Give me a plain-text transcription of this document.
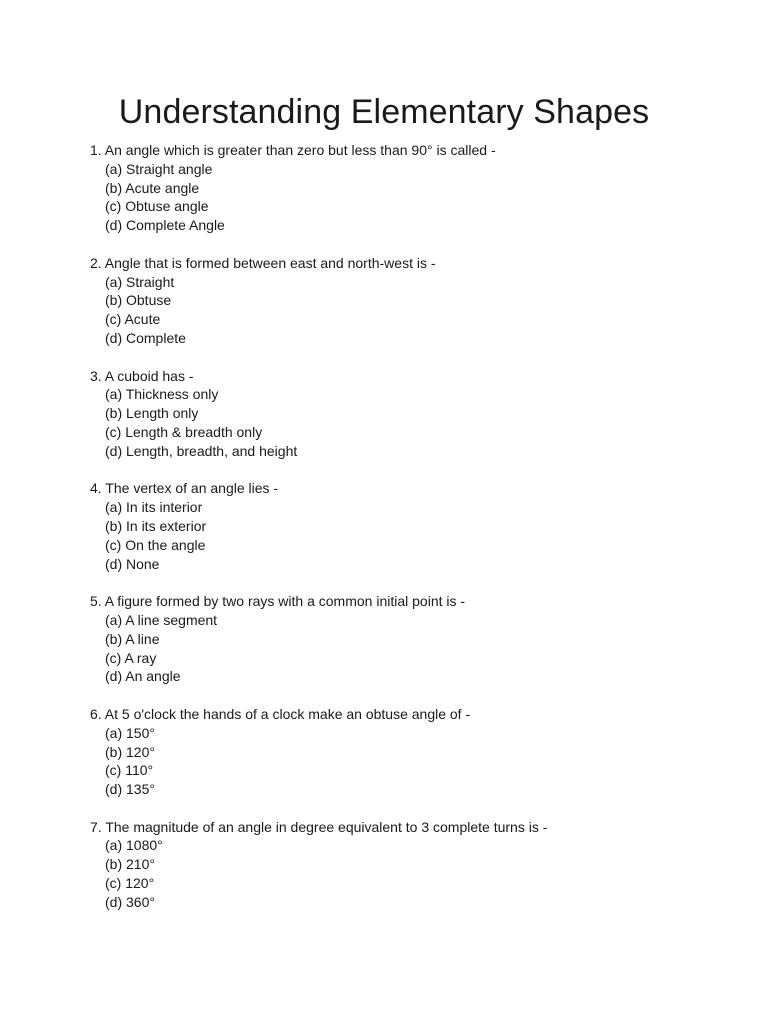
Understanding Elementary Shapes
1. An angle which is greater than zero but less than 90° is called -
(a) Straight angle
(b) Acute angle
(c) Obtuse angle
(d) Complete Angle
2. Angle that is formed between east and north-west is -
(a) Straight
(b) Obtuse
(c) Acute
(d) Complete
3. A cuboid has -
(a) Thickness only
(b) Length only
(c) Length & breadth only
(d) Length, breadth, and height
4. The vertex of an angle lies -
(a) In its interior
(b) In its exterior
(c) On the angle
(d) None
5. A figure formed by two rays with a common initial point is -
(a) A line segment
(b) A line
(c) A ray
(d) An angle
6. At 5 o'clock the hands of a clock make an obtuse angle of -
(a) 150°
(b) 120°
(c) 110°
(d) 135°
7. The magnitude of an angle in degree equivalent to 3 complete turns is -
(a) 1080°
(b) 210°
(c) 120°
(d) 360°
